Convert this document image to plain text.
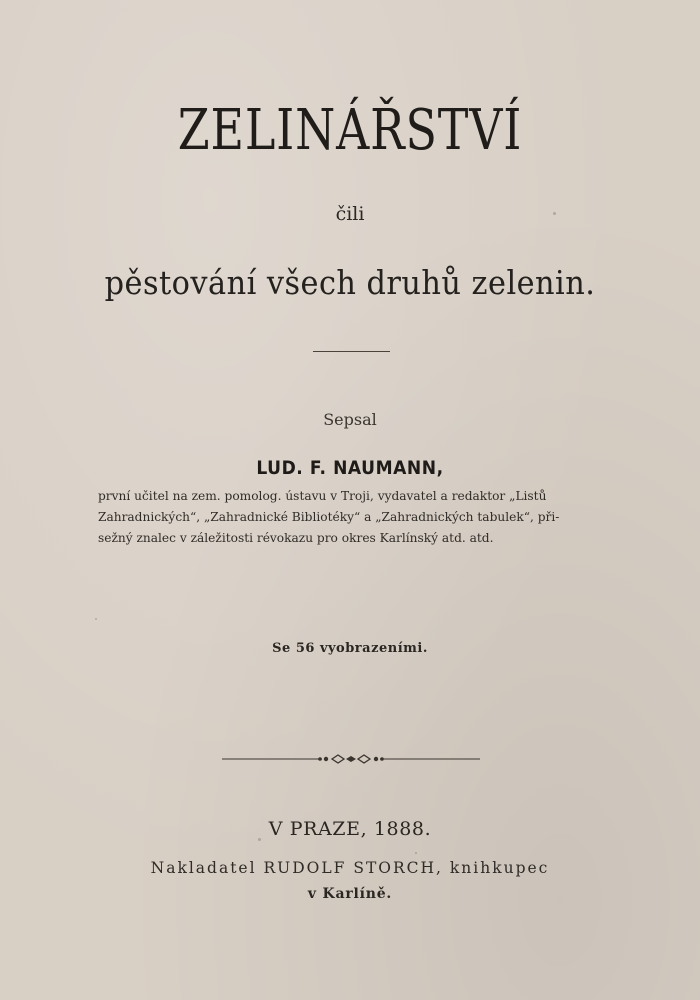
ZELINÁŘSTVÍ
čili
pěstování všech druhů zelenin.
Sepsal
LUD. F. NAUMANN,
první učitel na zem. pomolog. ústavu v Troji, vydavatel a redaktor „Listů
Zahradnických“, „Zahradnické Bibliotéky“ a „Zahradnických tabulek“, při-
sežný znalec v záležitosti révokazu pro okres Karlínský atd. atd.
Se 56 vyobrazeními.
V PRAZE, 1888.
Nakladatel RUDOLF STORCH, knihkupec
v Karlíně.
